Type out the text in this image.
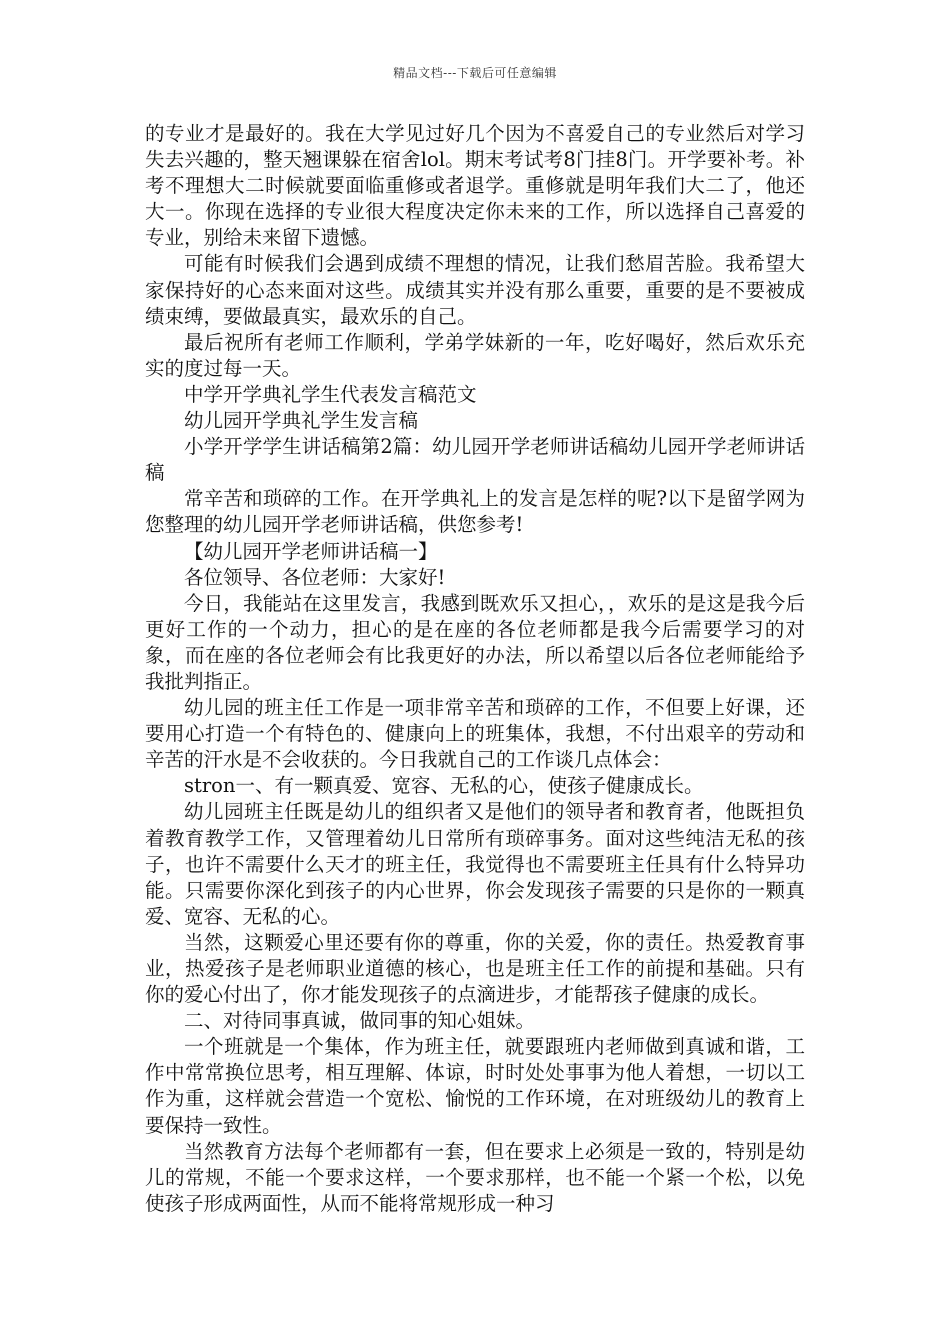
精品文档---下载后可任意编辑

的专业才是最好的。我在大学见过好几个因为不喜爱自己的专业然后对学习失去兴趣的，整天翘课躲在宿舍lol。期末考试考8门挂8门。开学要补考。补考不理想大二时候就要面临重修或者退学。重修就是明年我们大二了，他还大一。你现在选择的专业很大程度决定你未来的工作，所以选择自己喜爱的专业，别给未来留下遗憾。

可能有时候我们会遇到成绩不理想的情况，让我们愁眉苦脸。我希望大家保持好的心态来面对这些。成绩其实并没有那么重要，重要的是不要被成绩束缚，要做最真实，最欢乐的自己。

最后祝所有老师工作顺利，学弟学妹新的一年，吃好喝好，然后欢乐充实的度过每一天。

中学开学典礼学生代表发言稿范文

幼儿园开学典礼学生发言稿

小学开学学生讲话稿第2篇：幼儿园开学老师讲话稿幼儿园开学老师讲话稿

常辛苦和琐碎的工作。在开学典礼上的发言是怎样的呢?以下是留学网为您整理的幼儿园开学老师讲话稿，供您参考!

【幼儿园开学老师讲话稿一】

各位领导、各位老师：大家好!

今日，我能站在这里发言，我感到既欢乐又担心，，欢乐的是这是我今后更好工作的一个动力，担心的是在座的各位老师都是我今后需要学习的对象，而在座的各位老师会有比我更好的办法，所以希望以后各位老师能给予我批判指正。

幼儿园的班主任工作是一项非常辛苦和琐碎的工作，不但要上好课，还要用心打造一个有特色的、健康向上的班集体，我想，不付出艰辛的劳动和辛苦的汗水是不会收获的。今日我就自己的工作谈几点体会：

stron一、有一颗真爱、宽容、无私的心，使孩子健康成长。

幼儿园班主任既是幼儿的组织者又是他们的领导者和教育者，他既担负着教育教学工作，又管理着幼儿日常所有琐碎事务。面对这些纯洁无私的孩子，也许不需要什么天才的班主任，我觉得也不需要班主任具有什么特异功能。只需要你深化到孩子的内心世界，你会发现孩子需要的只是你的一颗真爱、宽容、无私的心。

当然，这颗爱心里还要有你的尊重，你的关爱，你的责任。热爱教育事业，热爱孩子是老师职业道德的核心，也是班主任工作的前提和基础。只有你的爱心付出了，你才能发现孩子的点滴进步，才能帮孩子健康的成长。

二、对待同事真诚，做同事的知心姐妹。

一个班就是一个集体，作为班主任，就要跟班内老师做到真诚和谐，工作中常常换位思考，相互理解、体谅，时时处处事事为他人着想，一切以工作为重，这样就会营造一个宽松、愉悦的工作环境，在对班级幼儿的教育上要保持一致性。

当然教育方法每个老师都有一套，但在要求上必须是一致的，特别是幼儿的常规，不能一个要求这样，一个要求那样，也不能一个紧一个松，以免使孩子形成两面性，从而不能将常规形成一种习
